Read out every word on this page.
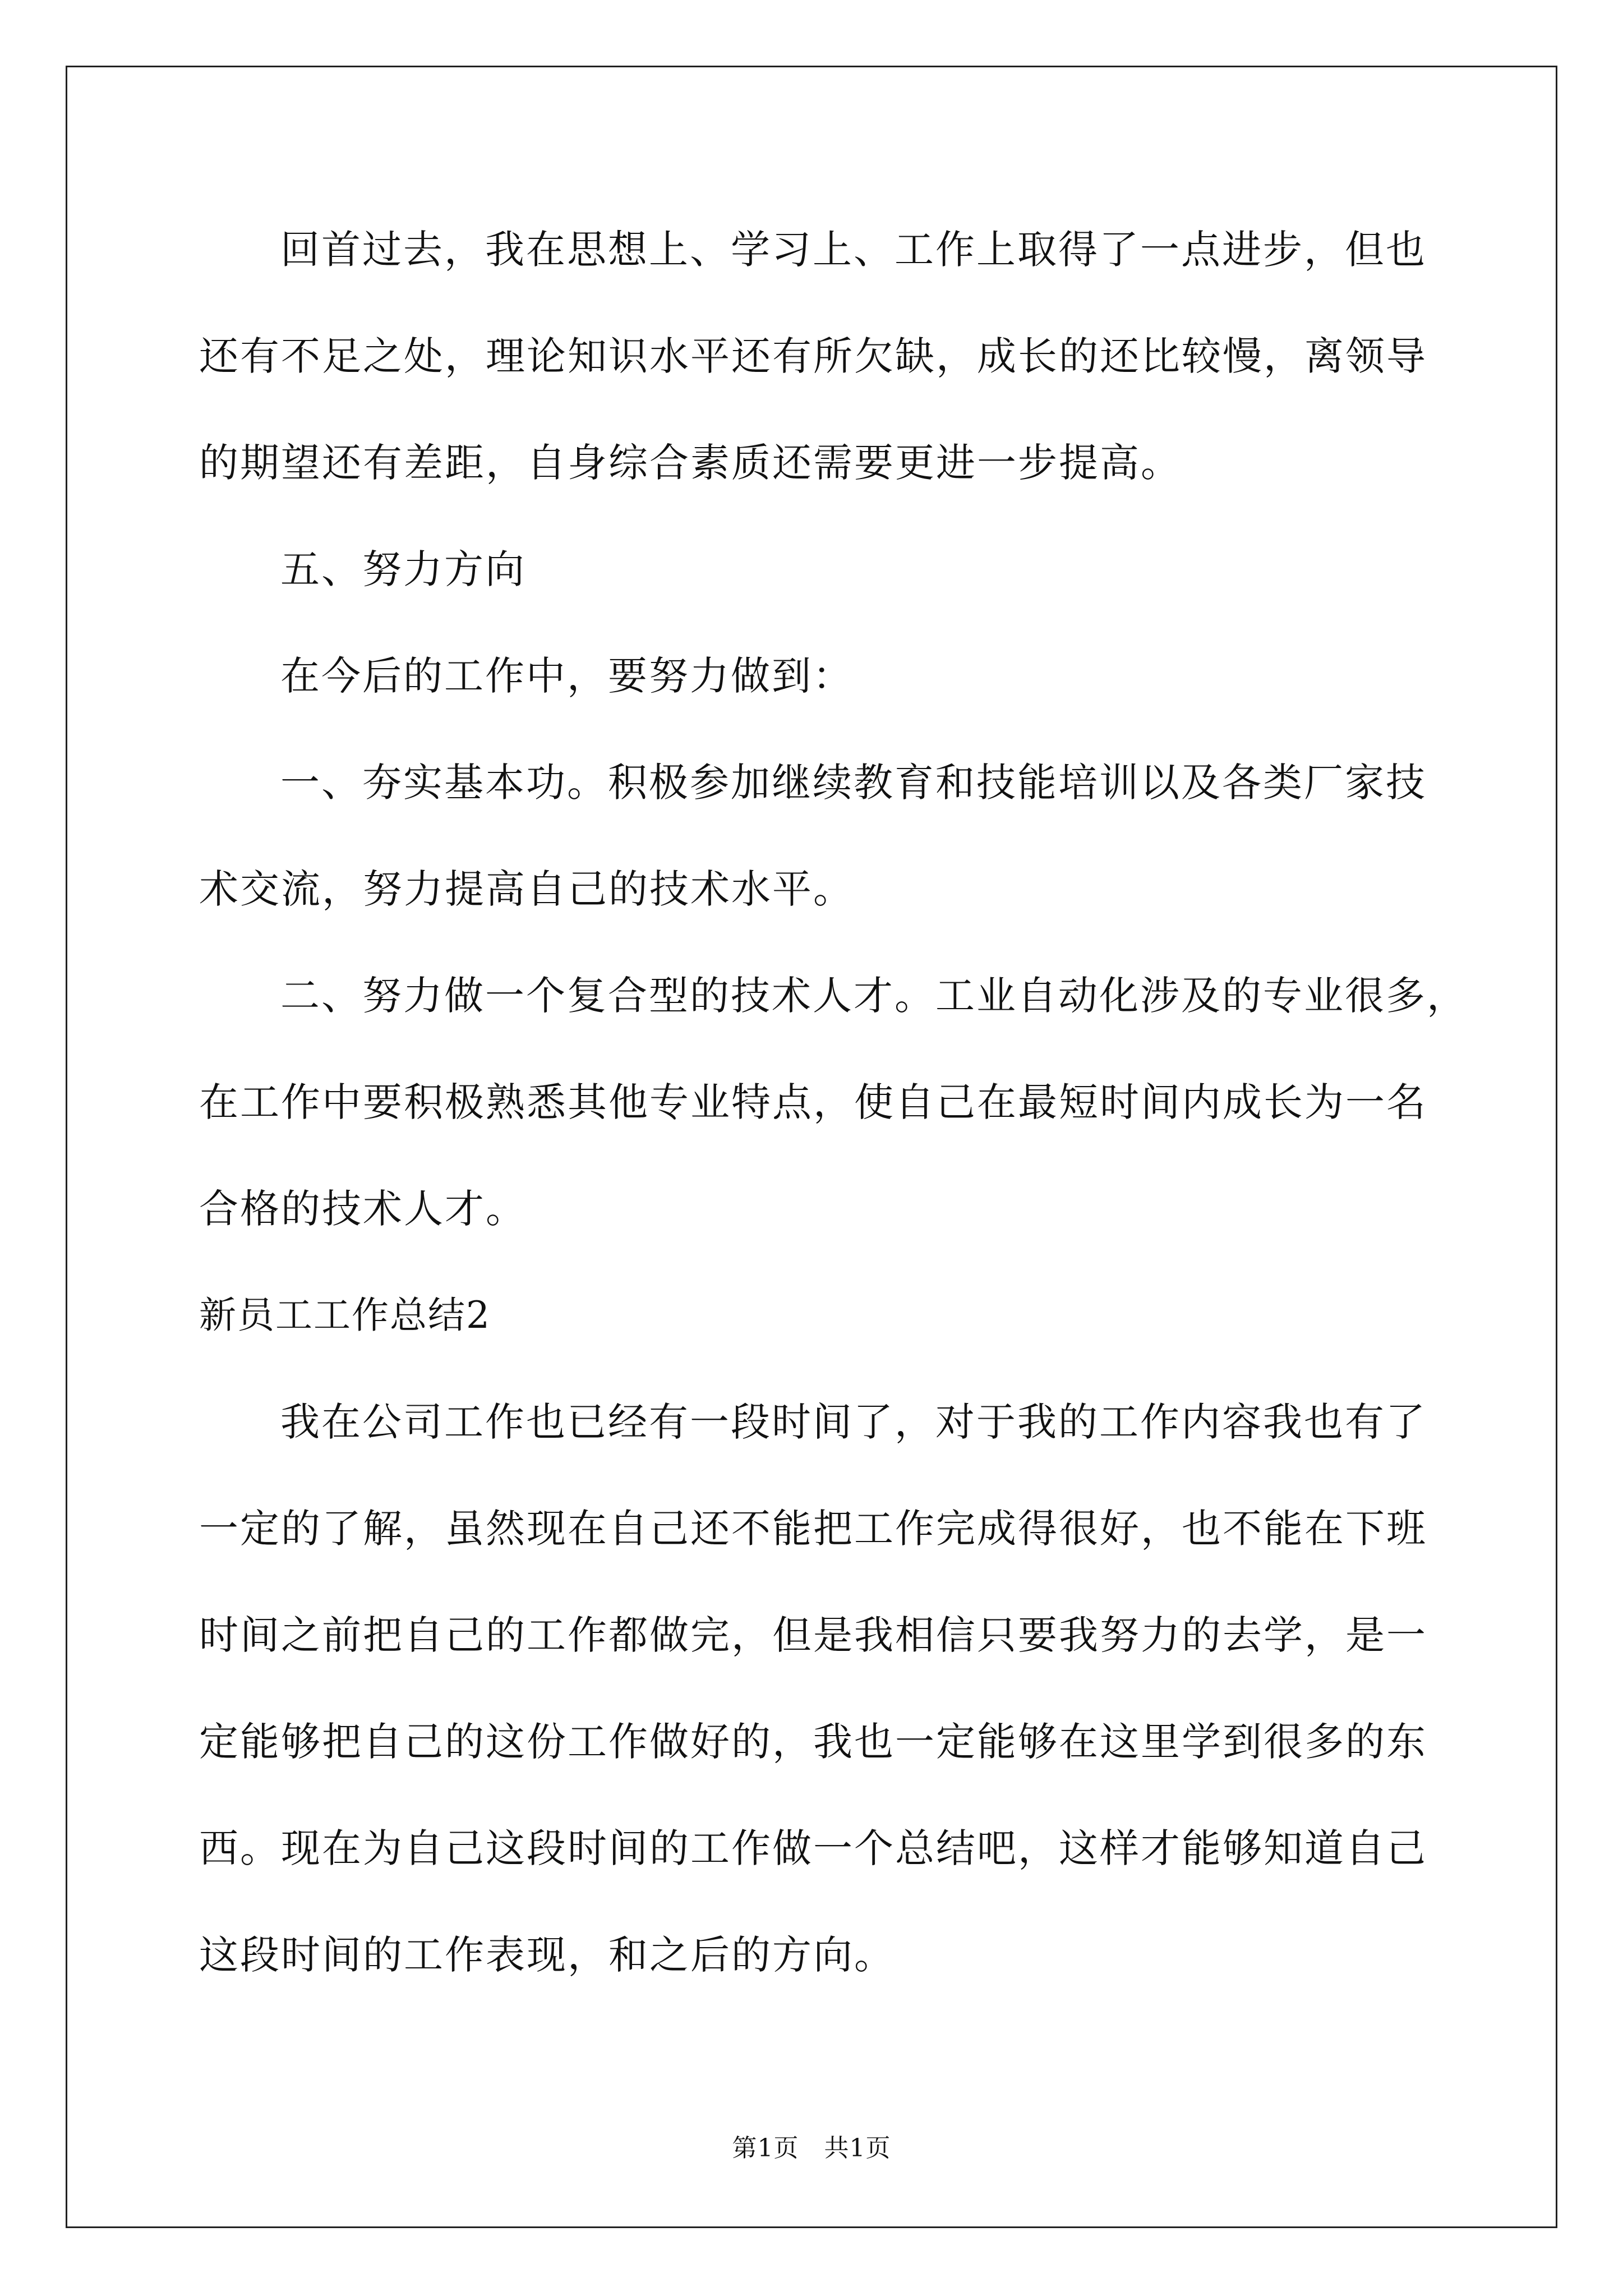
回首过去，我在思想上、学习上、工作上取得了一点进步，但也
还有不足之处，理论知识水平还有所欠缺，成长的还比较慢，离领导
的期望还有差距，自身综合素质还需要更进一步提高。
五、努力方向
在今后的工作中，要努力做到：
一、夯实基本功。积极参加继续教育和技能培训以及各类厂家技
术交流，努力提高自己的技术水平。
二、努力做一个复合型的技术人才。工业自动化涉及的专业很多，
在工作中要积极熟悉其他专业特点，使自己在最短时间内成长为一名
合格的技术人才。
新员工工作总结2
我在公司工作也已经有一段时间了，对于我的工作内容我也有了
一定的了解，虽然现在自己还不能把工作完成得很好，也不能在下班
时间之前把自己的工作都做完，但是我相信只要我努力的去学，是一
定能够把自己的这份工作做好的，我也一定能够在这里学到很多的东
西。现在为自己这段时间的工作做一个总结吧，这样才能够知道自己
这段时间的工作表现，和之后的方向。
第1页　共1页
